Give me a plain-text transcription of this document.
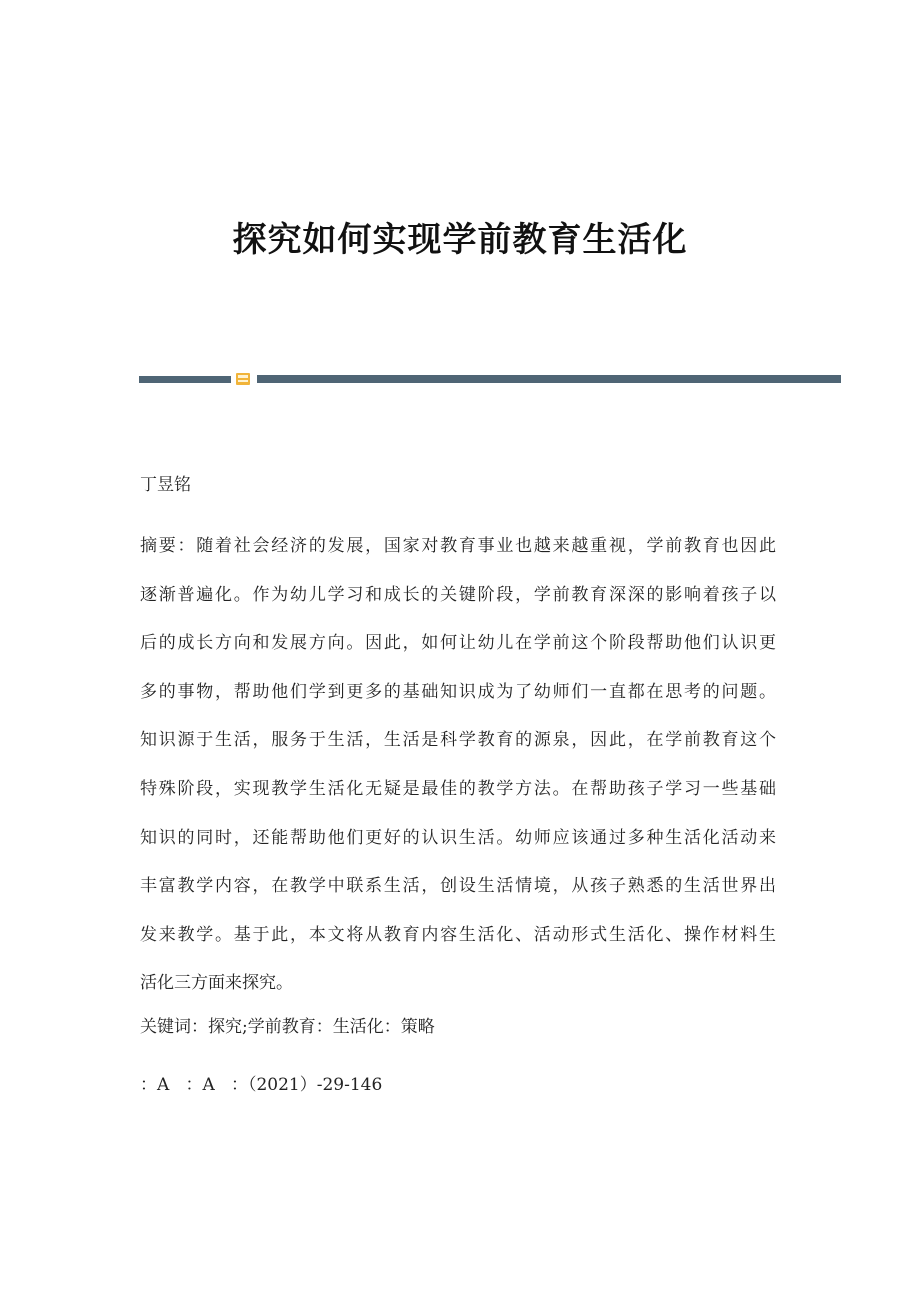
探究如何实现学前教育生活化
丁昱铭
摘要：随着社会经济的发展，国家对教育事业也越来越重视，学前教育也因此
逐渐普遍化。作为幼儿学习和成长的关键阶段，学前教育深深的影响着孩子以
后的成长方向和发展方向。因此，如何让幼儿在学前这个阶段帮助他们认识更
多的事物，帮助他们学到更多的基础知识成为了幼师们一直都在思考的问题。
知识源于生活，服务于生活，生活是科学教育的源泉，因此，在学前教育这个
特殊阶段，实现教学生活化无疑是最佳的教学方法。在帮助孩子学习一些基础
知识的同时，还能帮助他们更好的认识生活。幼师应该通过多种生活化活动来
丰富教学内容，在教学中联系生活，创设生活情境，从孩子熟悉的生活世界出
发来教学。基于此，本文将从教育内容生活化、活动形式生活化、操作材料生
活化三方面来探究。
关键词：探究;学前教育：生活化：策略
：A   ：A   ：（2021）-29-146
